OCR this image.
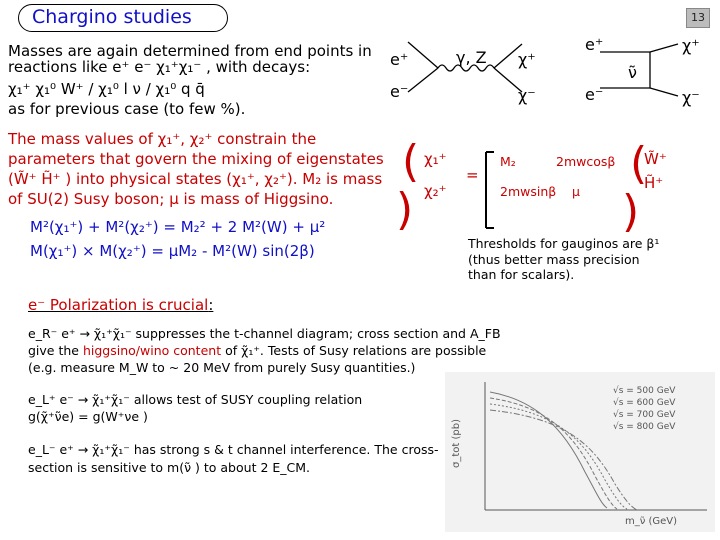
Chargino studies	13
Masses are again determined from end points in
reactions like e⁺ e⁻ χ₁⁺χ₁⁻ , with decays:
χ₁⁺ χ₁⁰ W⁺ / χ₁⁰ l ν / χ₁⁰ q q̄
as for previous case (to few %).
e⁺
e⁻
γ, Z χ⁺
χ⁻
e⁺
e⁻
ν̃
χ⁺
χ⁻
The mass values of χ₁⁺, χ₂⁺ constrain the
parameters that govern the mixing of eigenstates
(W̃⁺ H̃⁺ ) into physical states (χ₁⁺, χ₂⁺). M₂ is mass
of SU(2) Susy boson; μ is mass of Higgsino.
M²(χ₁⁺) + M²(χ₂⁺) = M₂² + 2 M²(W) + μ²
M(χ₁⁺) × M(χ₂⁺) = μM₂ - M²(W) sin(2β)
(
)
χ₁⁺
χ₂⁺
=
M₂	2mwcosβ
2mwsinβ μ
(
)
W̃⁺
H̃⁺
Thresholds for gauginos are β¹
(thus better mass precision
than for scalars).
e⁻ Polarization is crucial:
e_R⁻ e⁺ → χ̃₁⁺χ̃₁⁻ suppresses the t-channel diagram; cross section and A_FB
give the higgsino/wino content of χ̃₁⁺. Tests of Susy relations are possible
(e.g. measure M_W to ~ 20 MeV from purely Susy quantities.)
e_L⁺ e⁻ → χ̃₁⁺χ̃₁⁻ allows test of SUSY coupling relation
g(χ̃⁺ν̃e) = g(W⁺νe )
e_L⁻ e⁺ → χ̃₁⁺χ̃₁⁻ has strong s & t channel interference. The cross-
section is sensitive to m(ν̃ ) to about 2 E_CM.	σ_tot (pb)
m_ν̃ (GeV)
√s = 500 GeV
√s = 600 GeV
√s = 700 GeV
√s = 800 GeV
